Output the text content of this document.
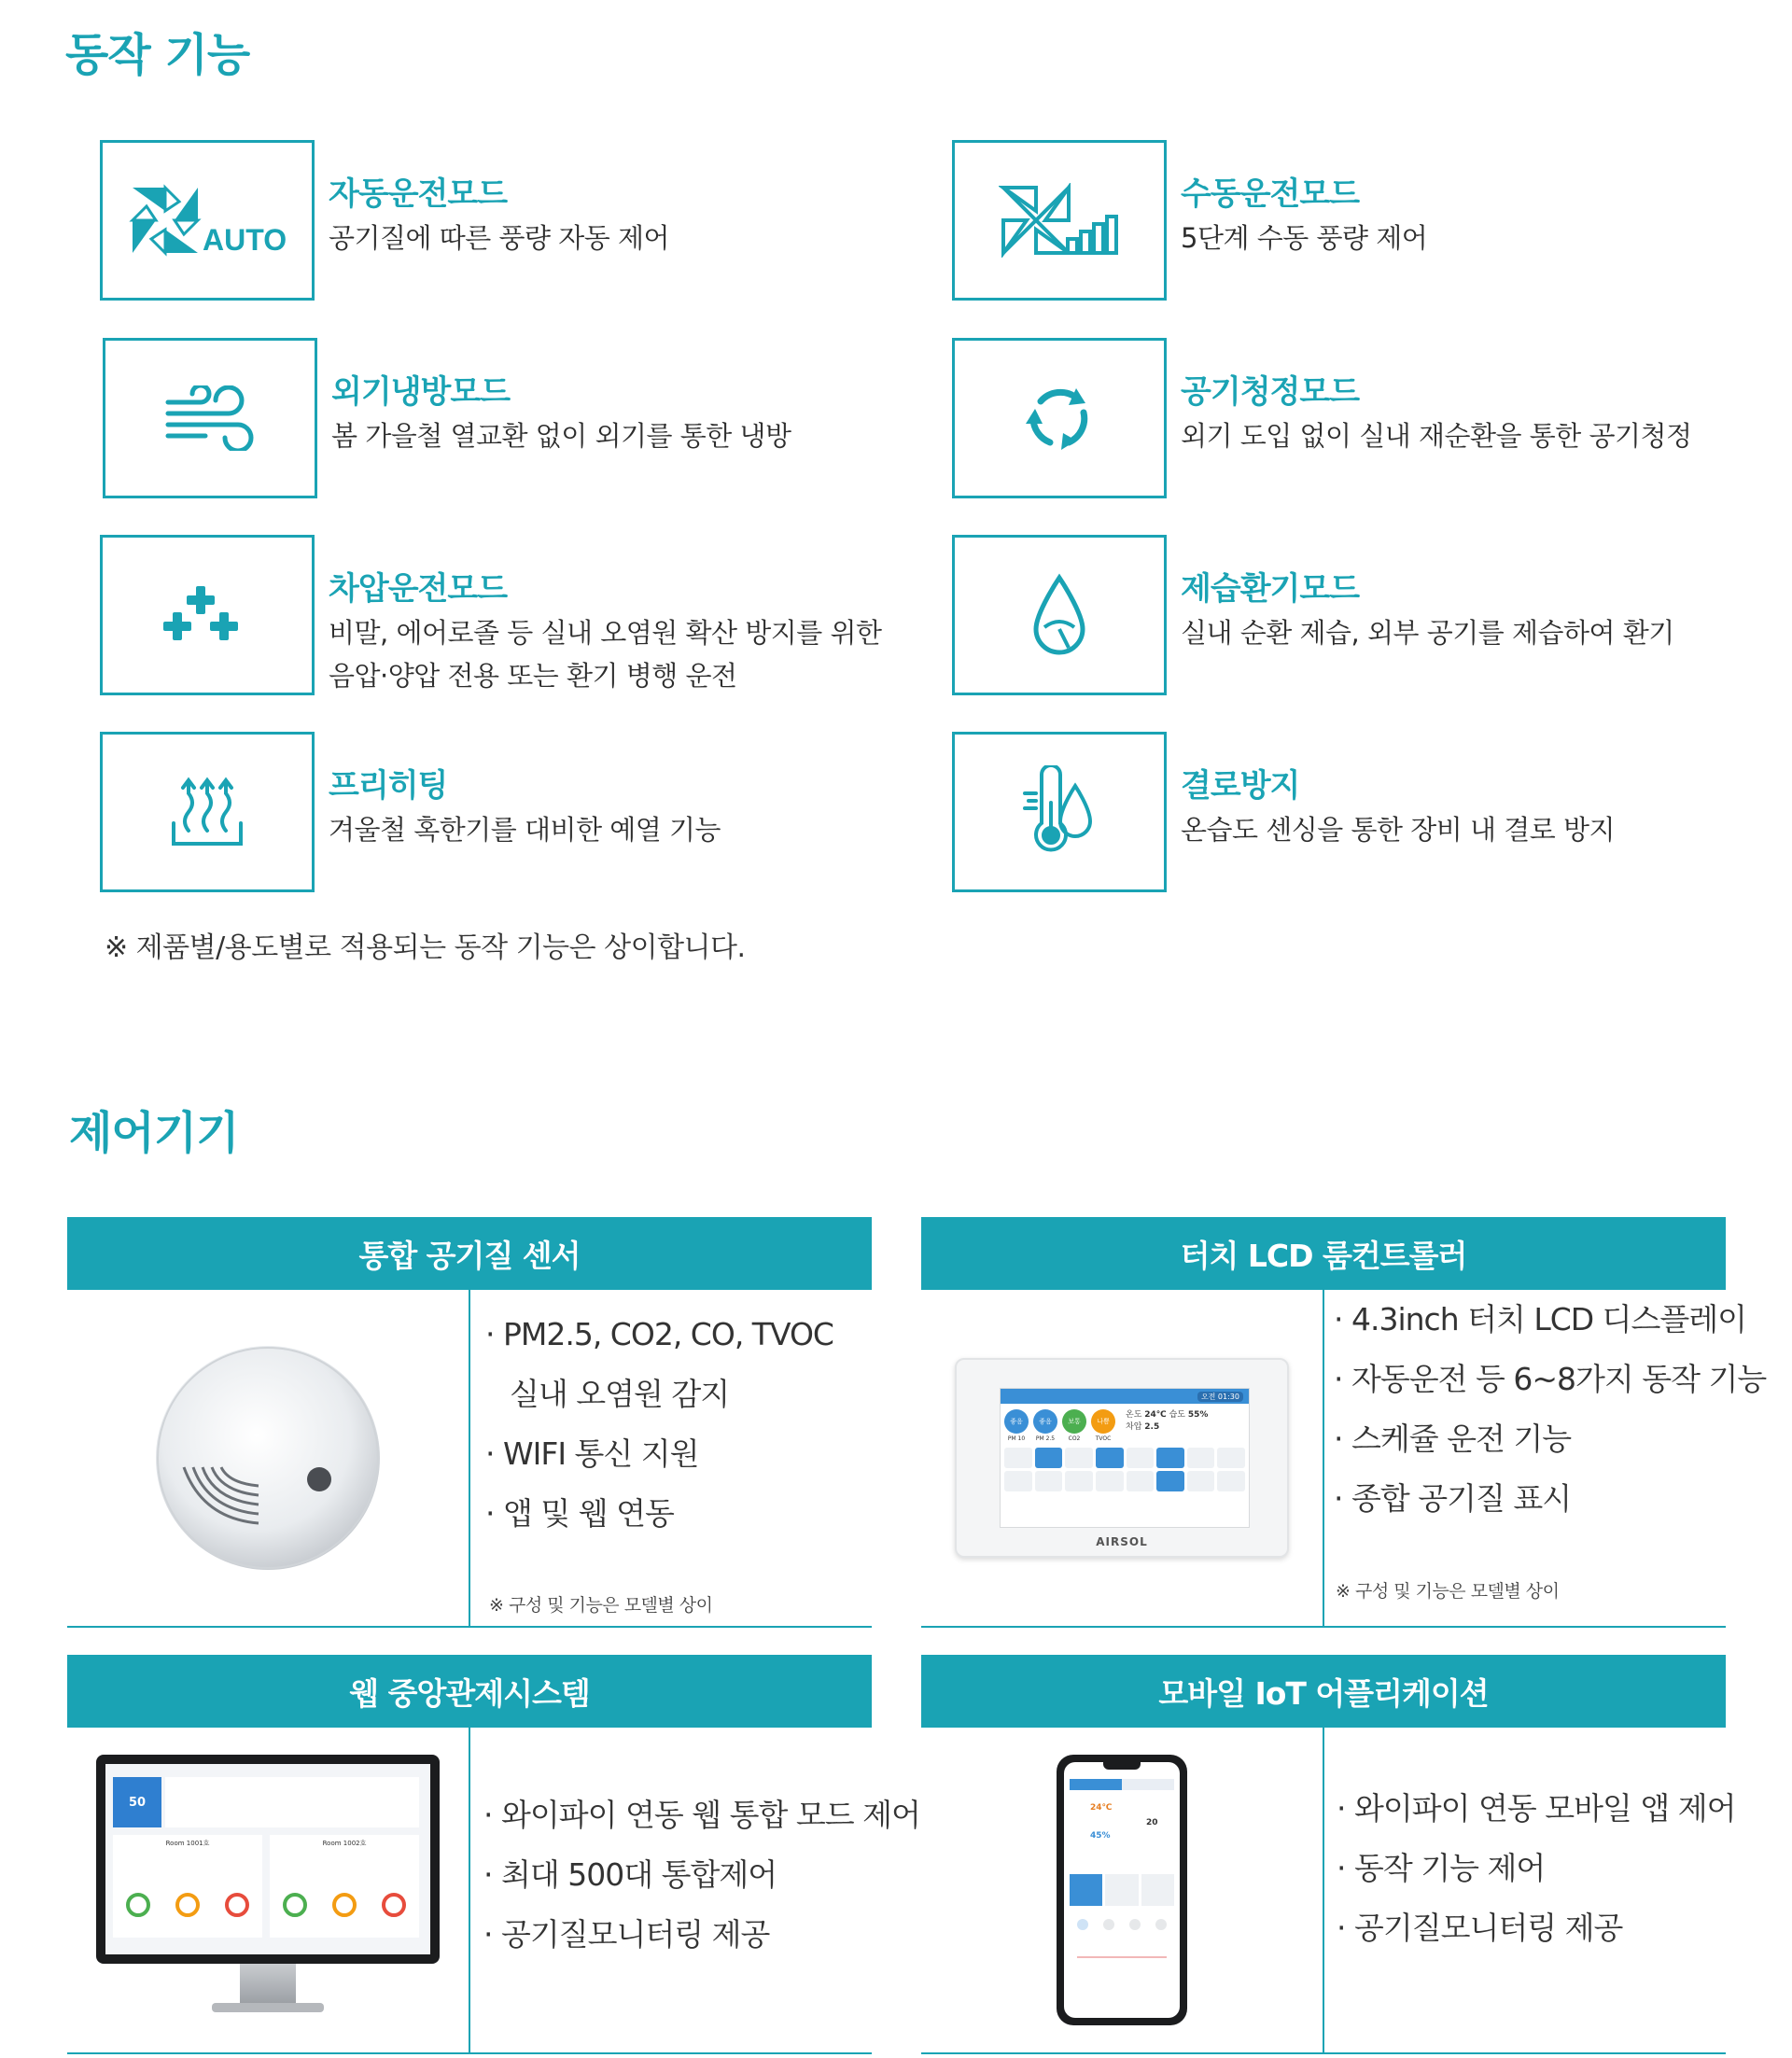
동작 기능
AUTO
자동운전모드
공기질에 따른 풍량 자동 제어
수동운전모드
5단계 수동 풍량 제어
외기냉방모드
봄 가을철 열교환 없이 외기를 통한 냉방
공기청정모드
외기 도입 없이 실내 재순환을 통한 공기청정
차압운전모드
비말, 에어로졸 등 실내 오염원 확산 방지를 위한
음압·양압 전용 또는 환기 병행 운전
제습환기모드
실내 순환 제습, 외부 공기를 제습하여 환기
프리히팅
겨울철 혹한기를 대비한 예열 기능
결로방지
온습도 센싱을 통한 장비 내 결로 방지
※ 제품별/용도별로 적용되는 동작 기능은 상이합니다.
제어기기
통합 공기질 센서
· PM2.5, CO2, CO, TVOC
실내 오염원 감지
· WIFI 통신 지원
· 앱 및 웹 연동
※ 구성 및 기능은 모델별 상이
터치 LCD 룸컨트롤러
오전 01:30
좋음 좋음 보통 나쁨
온도 24℃ 습도 55%
차압 2.5
PM 10	PM 2.5	CO2	TVOC
AIRSOL
· 4.3inch 터치 LCD 디스플레이
· 자동운전 등 6~8가지 동작 기능
· 스케쥴 운전 기능
· 종합 공기질 표시
※ 구성 및 기능은 모델별 상이
웹 중앙관제시스템
50
Room 1001호	Room 1002호
· 와이파이 연동 웹 통합 모드 제어
· 최대 500대 통합제어
· 공기질모니터링 제공
모바일 IoT 어플리케이션
24℃
45%
20	· 와이파이 연동 모바일 앱 제어
· 동작 기능 제어
· 공기질모니터링 제공
